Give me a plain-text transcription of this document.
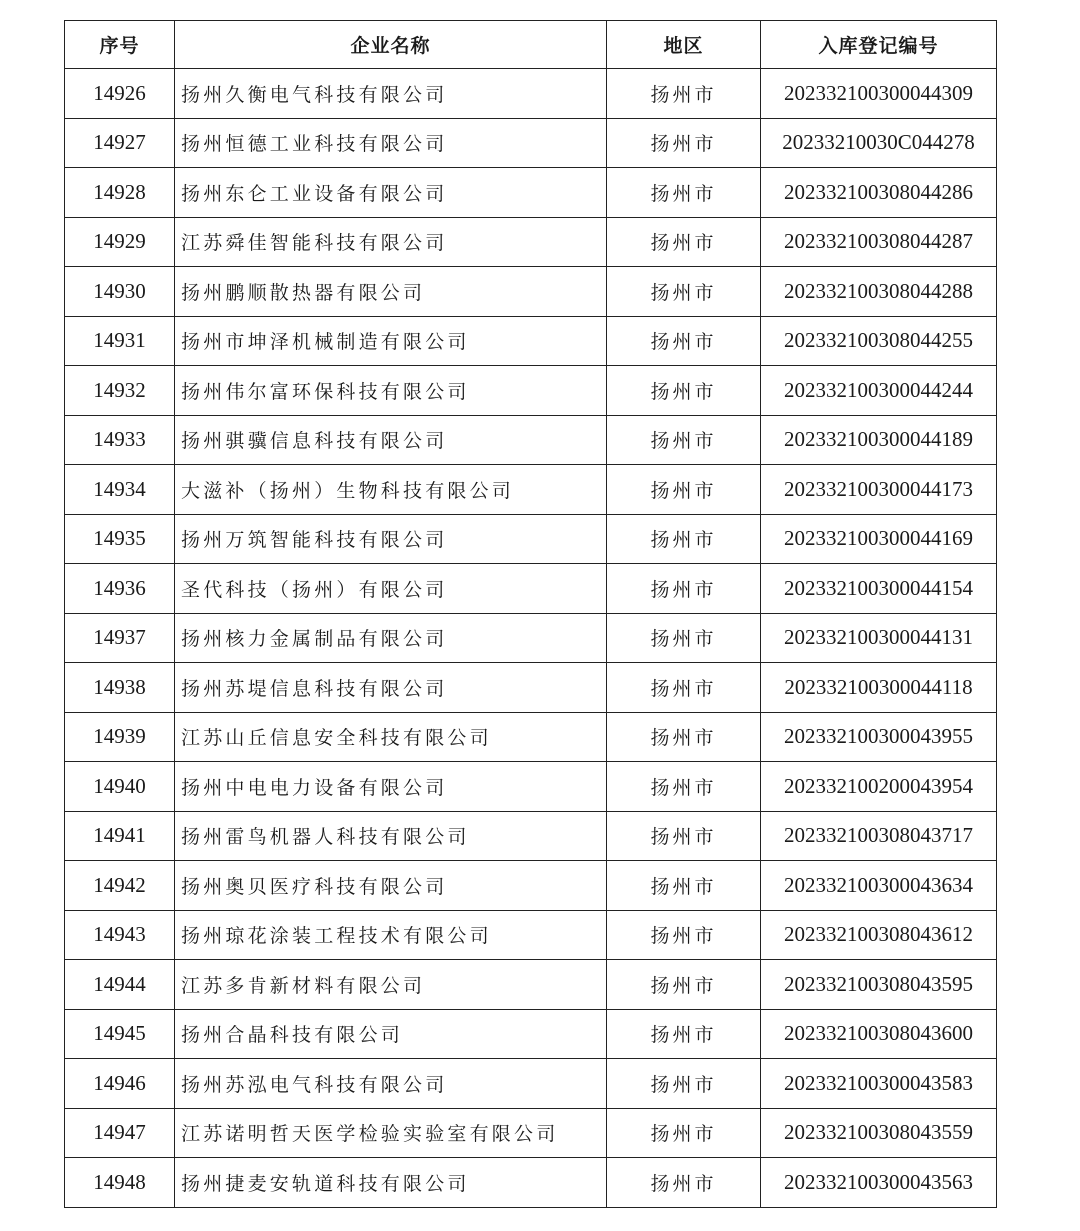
序号	企业名称	地区	入库登记编号
14926	扬州久衡电气科技有限公司	扬州市	202332100300044309
14927	扬州恒德工业科技有限公司	扬州市	20233210030C044278
14928	扬州东仑工业设备有限公司	扬州市	202332100308044286
14929	江苏舜佳智能科技有限公司	扬州市	202332100308044287
14930	扬州鹏顺散热器有限公司	扬州市	202332100308044288
14931	扬州市坤泽机械制造有限公司	扬州市	202332100308044255
14932	扬州伟尔富环保科技有限公司	扬州市	202332100300044244
14933	扬州骐骥信息科技有限公司	扬州市	202332100300044189
14934	大滋补（扬州）生物科技有限公司	扬州市	202332100300044173
14935	扬州万筑智能科技有限公司	扬州市	202332100300044169
14936	圣代科技（扬州）有限公司	扬州市	202332100300044154
14937	扬州核力金属制品有限公司	扬州市	202332100300044131
14938	扬州苏堤信息科技有限公司	扬州市	202332100300044118
14939	江苏山丘信息安全科技有限公司	扬州市	202332100300043955
14940	扬州中电电力设备有限公司	扬州市	202332100200043954
14941	扬州雷鸟机器人科技有限公司	扬州市	202332100308043717
14942	扬州奥贝医疗科技有限公司	扬州市	202332100300043634
14943	扬州琼花涂装工程技术有限公司	扬州市	202332100308043612
14944	江苏多肯新材料有限公司	扬州市	202332100308043595
14945	扬州合晶科技有限公司	扬州市	202332100308043600
14946	扬州苏泓电气科技有限公司	扬州市	202332100300043583
14947	江苏诺明哲天医学检验实验室有限公司	扬州市	202332100308043559
14948	扬州捷麦安轨道科技有限公司	扬州市	202332100300043563
